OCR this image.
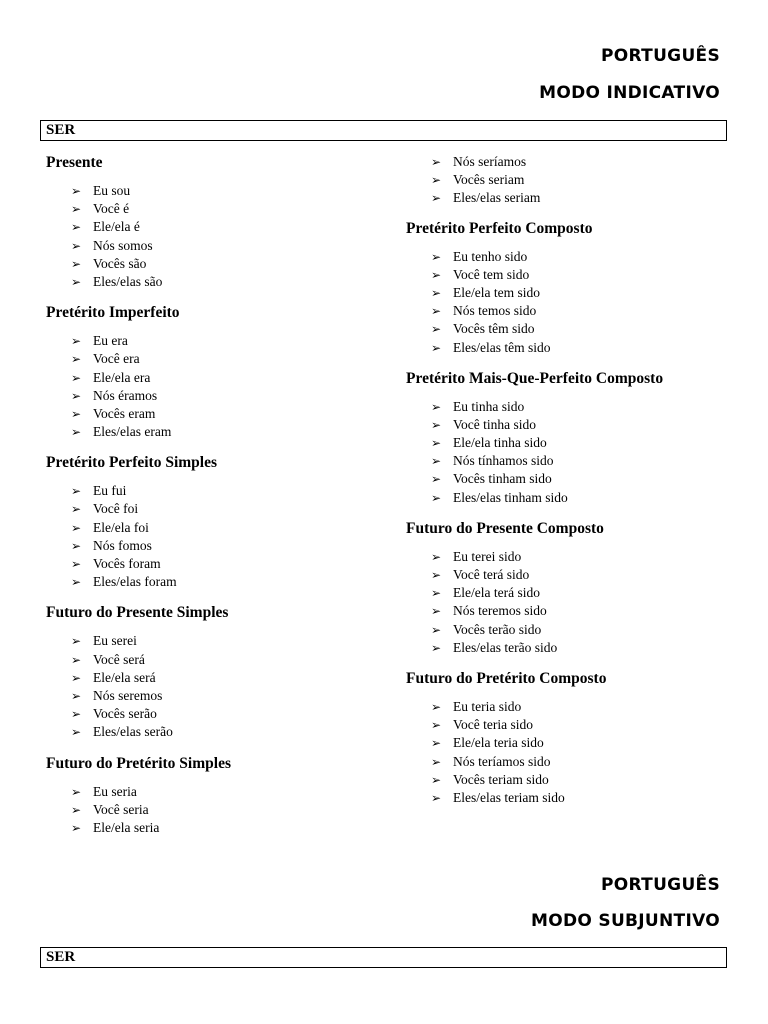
PORTUGUÊS

MODO INDICATIVO

SER
Presente
➢ Eu sou
➢ Você é
➢ Ele/ela é
➢ Nós somos
➢ Vocês são
➢ Eles/elas são
Pretérito Imperfeito
➢ Eu era
➢ Você era
➢ Ele/ela era
➢ Nós éramos
➢ Vocês eram
➢ Eles/elas eram
Pretérito Perfeito Simples
➢ Eu fui
➢ Você foi
➢ Ele/ela foi
➢ Nós fomos
➢ Vocês foram
➢ Eles/elas foram
Futuro do Presente Simples
➢ Eu serei
➢ Você será
➢ Ele/ela será
➢ Nós seremos
➢ Vocês serão
➢ Eles/elas serão
Futuro do Pretérito Simples
➢ Eu seria
➢ Você seria
➢ Ele/ela seria
➢ Nós seríamos
➢ Vocês seriam
➢ Eles/elas seriam
Pretérito Perfeito Composto
➢ Eu tenho sido
➢ Você tem sido
➢ Ele/ela tem sido
➢ Nós temos sido
➢ Vocês têm sido
➢ Eles/elas têm sido
Pretérito Mais-Que-Perfeito Composto
➢ Eu tinha sido
➢ Você tinha sido
➢ Ele/ela tinha sido
➢ Nós tínhamos sido
➢ Vocês tinham sido
➢ Eles/elas tinham sido
Futuro do Presente Composto
➢ Eu terei sido
➢ Você terá sido
➢ Ele/ela terá sido
➢ Nós teremos sido
➢ Vocês terão sido
➢ Eles/elas terão sido
Futuro do Pretérito Composto
➢ Eu teria sido
➢ Você teria sido
➢ Ele/ela teria sido
➢ Nós teríamos sido
➢ Vocês teriam sido
➢ Eles/elas teriam sido

PORTUGUÊS

MODO SUBJUNTIVO

SER
